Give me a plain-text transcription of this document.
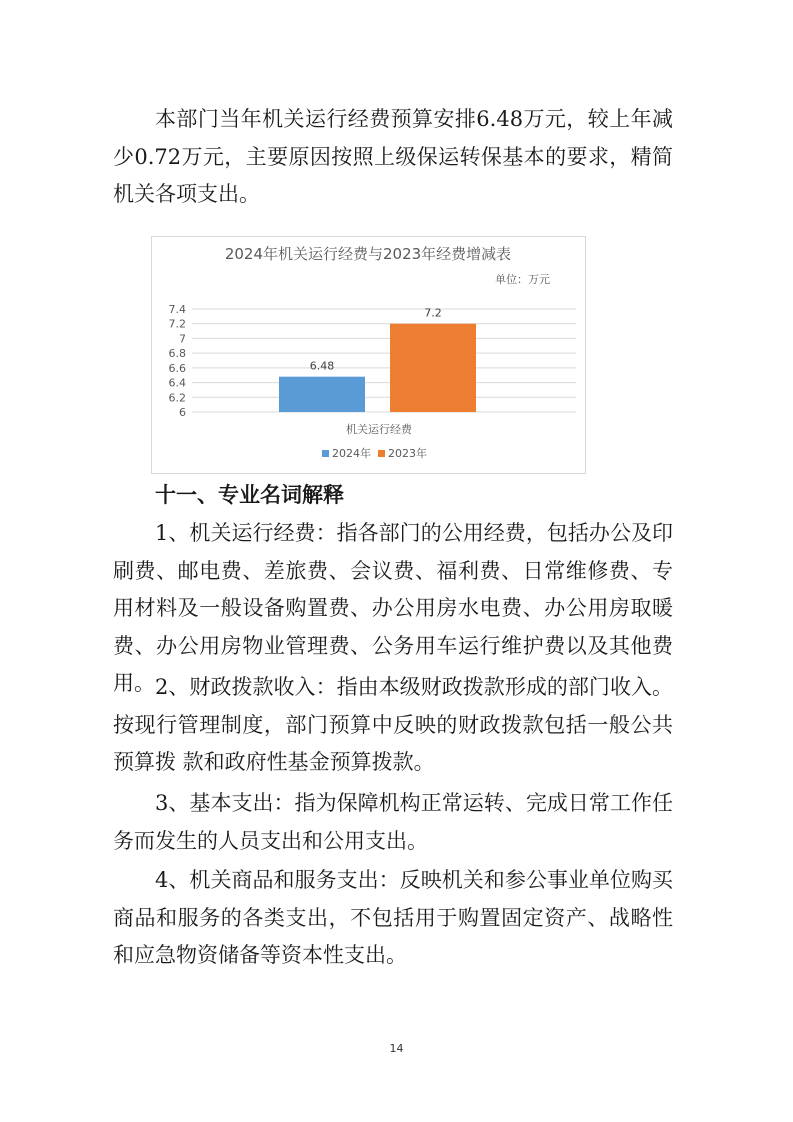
本部门当年机关运行经费预算安排6.48万元，较上年减少0.72万元，主要原因按照上级保运转保基本的要求，精简机关各项支出。

2024年机关运行经费与2023年经费增减表
单位：万元
6
6.2
6.4
6.6
6.8
7
7.2
7.4
6.48
7.2
机关运行经费
2024年 2023年

十一、专业名词解释

1、机关运行经费：指各部门的公用经费，包括办公及印刷费、邮电费、差旅费、会议费、福利费、日常维修费、专用材料及一般设备购置费、办公用房水电费、办公用房取暖费、办公用房物业管理费、公务用车运行维护费以及其他费用。 2、财政拨款收入：指由本级财政拨款形成的部门收入。按现行管理制度，部门预算中反映的财政拨款包括一般公共预算拨 款和政府性基金预算拨款。

3、基本支出：指为保障机构正常运转、完成日常工作任务而发生的人员支出和公用支出。

4、机关商品和服务支出：反映机关和参公事业单位购买商品和服务的各类支出，不包括用于购置固定资产、战略性和应急物资储备等资本性支出。

14
